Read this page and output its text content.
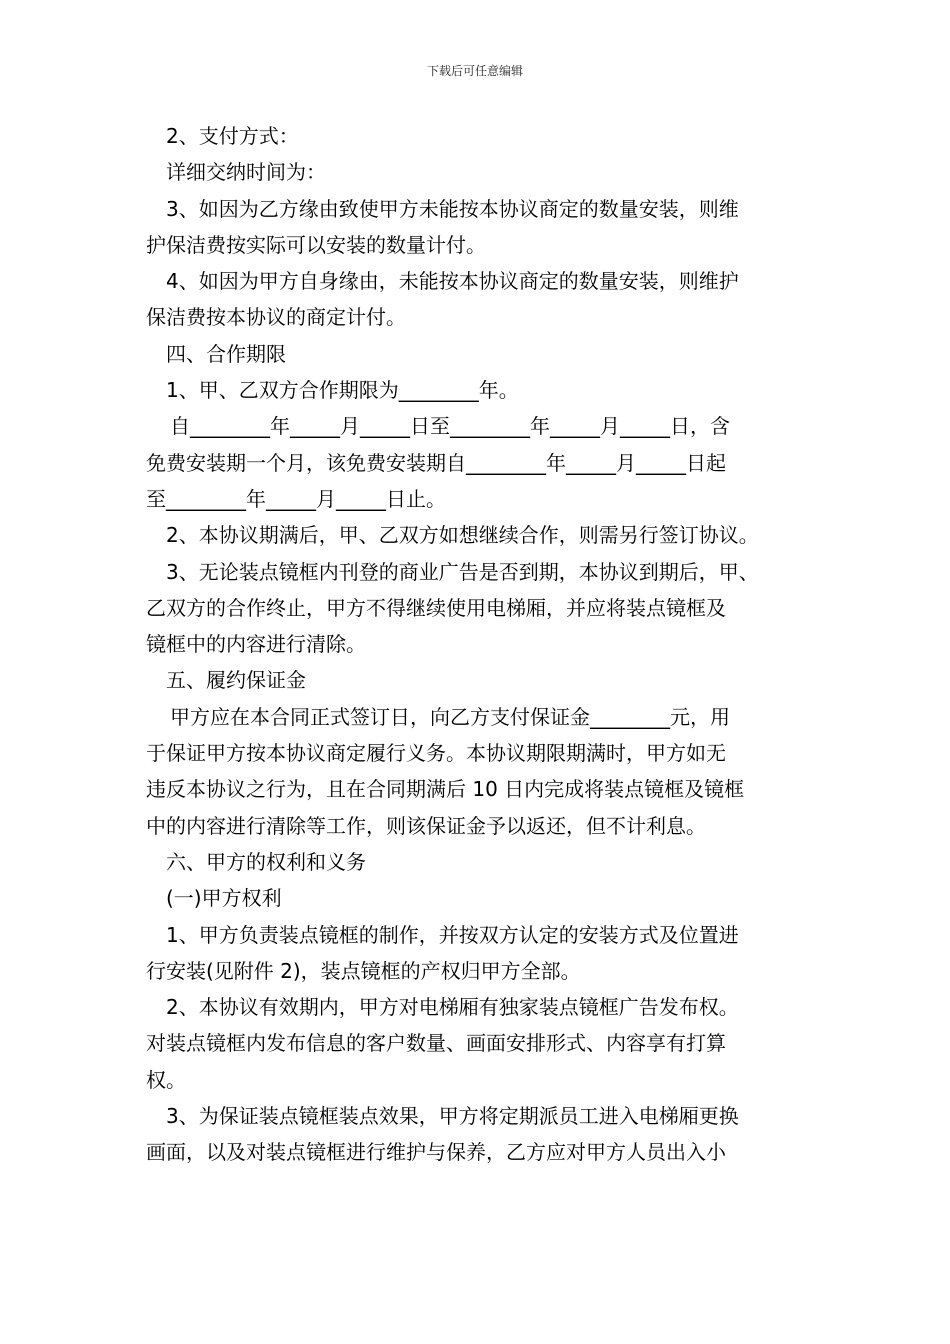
下载后可任意编辑

2、支付方式：

详细交纳时间为：

3、如因为乙方缘由致使甲方未能按本协议商定的数量安装，则维

护保洁费按实际可以安装的数量计付。

4、如因为甲方自身缘由，未能按本协议商定的数量安装，则维护

保洁费按本协议的商定计付。

四、合作期限

1、甲、乙双方合作期限为________年。

自________年_____月_____日至________年_____月_____日，含

免费安装期一个月，该免费安装期自________年_____月_____日起

至________年_____月_____日止。

2、本协议期满后，甲、乙双方如想继续合作，则需另行签订协议。

3、无论装点镜框内刊登的商业广告是否到期，本协议到期后，甲、

乙双方的合作终止，甲方不得继续使用电梯厢，并应将装点镜框及

镜框中的内容进行清除。

五、履约保证金

甲方应在本合同正式签订日，向乙方支付保证金________元，用

于保证甲方按本协议商定履行义务。本协议期限期满时，甲方如无

违反本协议之行为，且在合同期满后 10 日内完成将装点镜框及镜框

中的内容进行清除等工作，则该保证金予以返还，但不计利息。

六、甲方的权利和义务

(一)甲方权利

1、甲方负责装点镜框的制作，并按双方认定的安装方式及位置进

行安装(见附件 2)，装点镜框的产权归甲方全部。

2、本协议有效期内，甲方对电梯厢有独家装点镜框广告发布权。

对装点镜框内发布信息的客户数量、画面安排形式、内容享有打算

权。

3、为保证装点镜框装点效果，甲方将定期派员工进入电梯厢更换

画面，以及对装点镜框进行维护与保养，乙方应对甲方人员出入小
